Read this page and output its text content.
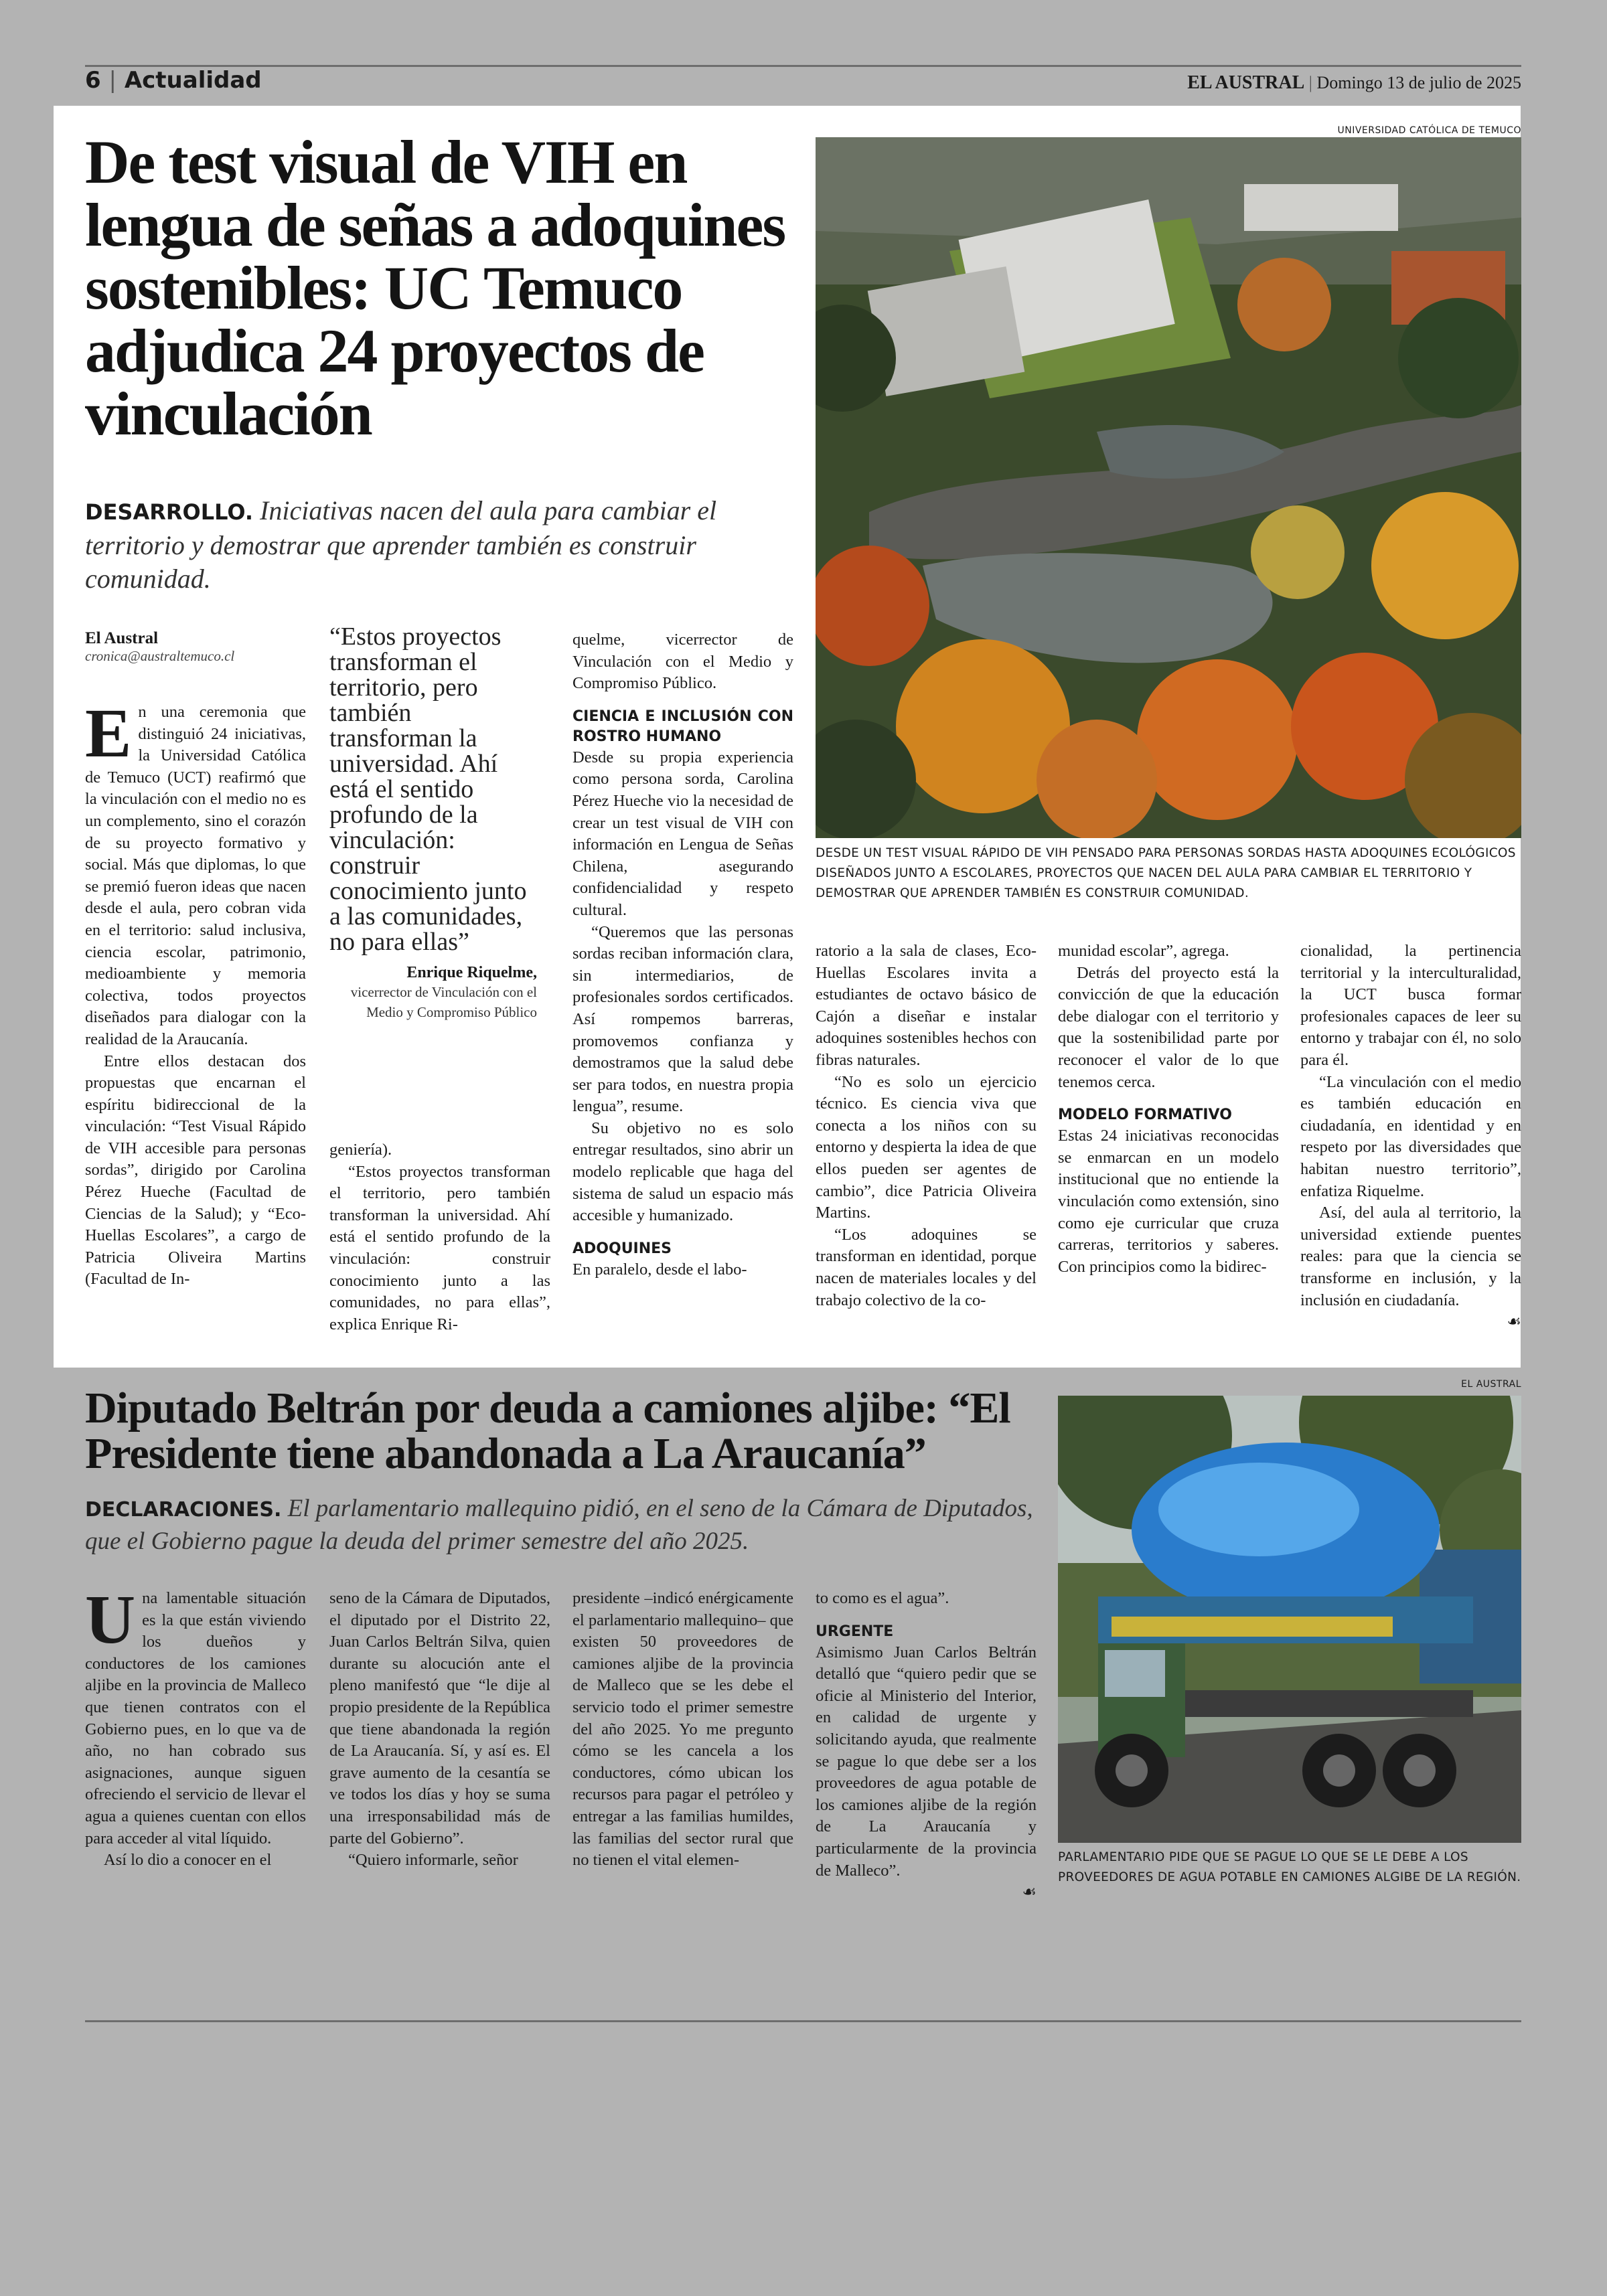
6 | Actualidad	EL AUSTRAL | Domingo 13 de julio de 2025
De test visual de VIH en lengua de señas a adoquines sostenibles: UC Temuco adjudica 24 proyectos de vinculación
DESARROLLO. Iniciativas nacen del aula para cambiar el territorio y demostrar que aprender también es construir comunidad.
UNIVERSIDAD CATÓLICA DE TEMUCO
DESDE UN TEST VISUAL RÁPIDO DE VIH PENSADO PARA PERSONAS SORDAS HASTA ADOQUINES ECOLÓGICOS DISEÑADOS JUNTO A ESCOLARES, PROYECTOS QUE NACEN DEL AULA PARA CAMBIAR EL TERRITORIO Y DEMOSTRAR QUE APRENDER TAMBIÉN ES CONSTRUIR COMUNIDAD.
El Austral
cronica@australtemuco.cl
“Estos proyectos transforman el territorio, pero también transforman la universidad. Ahí está el sentido profundo de la vinculación: construir conocimiento junto a las comunidades, no para ellas”
Enrique Riquelme,
vicerrector de Vinculación con el Medio y Compromiso Público

En una ceremonia que distinguió 24 iniciativas, la Universidad Católica de Temuco (UCT) reafirmó que la vinculación con el medio no es un complemento, sino el corazón de su proyecto formativo y social. Más que diplomas, lo que se premió fueron ideas que nacen desde el aula, pero cobran vida en el territorio: salud inclusiva, ciencia escolar, patrimonio, medioambiente y memoria colectiva, todos proyectos diseñados para dialogar con la realidad de la Araucanía.

Entre ellos destacan dos propuestas que encarnan el espíritu bidireccional de la vinculación: “Test Visual Rápido de VIH accesible para personas sordas”, dirigido por Carolina Pérez Hueche (Facultad de Ciencias de la Salud); y “Eco-Huellas Escolares”, a cargo de Patricia Oliveira Martins (Facultad de In-

geniería).

“Estos proyectos transforman el territorio, pero también transforman la universidad. Ahí está el sentido profundo de la vinculación: construir conocimiento junto a las comunidades, no para ellas”, explica Enrique Ri-

quelme, vicerrector de Vinculación con el Medio y Compromiso Público.

CIENCIA E INCLUSIÓN CON ROSTRO HUMANO

Desde su propia experiencia como persona sorda, Carolina Pérez Hueche vio la necesidad de crear un test visual de VIH con información en Lengua de Señas Chilena, asegurando confidencialidad y respeto cultural.

“Queremos que las personas sordas reciban información clara, sin intermediarios, de profesionales sordos certificados. Así rompemos barreras, promovemos confianza y demostramos que la salud debe ser para todos, en nuestra propia lengua”, resume.

Su objetivo no es solo entregar resultados, sino abrir un modelo replicable que haga del sistema de salud un espacio más accesible y humanizado.

ADOQUINES

En paralelo, desde el labo-

ratorio a la sala de clases, Eco-Huellas Escolares invita a estudiantes de octavo básico de Cajón a diseñar e instalar adoquines sostenibles hechos con fibras naturales.

“No es solo un ejercicio técnico. Es ciencia viva que conecta a los niños con su entorno y despierta la idea de que ellos pueden ser agentes de cambio”, dice Patricia Oliveira Martins.

“Los adoquines se transforman en identidad, porque nacen de materiales locales y del trabajo colectivo de la co-

munidad escolar”, agrega.

Detrás del proyecto está la convicción de que la educación debe dialogar con el territorio y que la sostenibilidad parte por reconocer el valor de lo que tenemos cerca.

MODELO FORMATIVO

Estas 24 iniciativas reconocidas se enmarcan en un modelo institucional que no entiende la vinculación como extensión, sino como eje curricular que cruza carreras, territorios y saberes. Con principios como la bidirec-

cionalidad, la pertinencia territorial y la interculturalidad, la UCT busca formar profesionales capaces de leer su entorno y trabajar con él, no solo para él.

“La vinculación con el medio es también educación en ciudadanía, en identidad y en respeto por las diversidades que habitan nuestro territorio”, enfatiza Riquelme.

Así, del aula al territorio, la universidad extiende puentes reales: para que la ciencia se transforme en inclusión, y la inclusión en ciudadanía.

☙
EL AUSTRAL
Diputado Beltrán por deuda a camiones aljibe: “El Presidente tiene abandonada a La Araucanía”
DECLARACIONES. El parlamentario mallequino pidió, en el seno de la Cámara de Diputados, que el Gobierno pague la deuda del primer semestre del año 2025.
PARLAMENTARIO PIDE QUE SE PAGUE LO QUE SE LE DEBE A LOS PROVEEDORES DE AGUA POTABLE EN CAMIONES ALGIBE DE LA REGIÓN.

Una lamentable situación es la que están viviendo los dueños y conductores de los camiones aljibe en la provincia de Malleco que tienen contratos con el Gobierno pues, en lo que va de año, no han cobrado sus asignaciones, aunque siguen ofreciendo el servicio de llevar el agua a quienes cuentan con ellos para acceder al vital líquido.

Así lo dio a conocer en el

seno de la Cámara de Diputados, el diputado por el Distrito 22, Juan Carlos Beltrán Silva, quien durante su alocución ante el pleno manifestó que “le dije al propio presidente de la República que tiene abandonada la región de La Araucanía. Sí, y así es. El grave aumento de la cesantía se ve todos los días y hoy se suma una irresponsabilidad más de parte del Gobierno”.

“Quiero informarle, señor

presidente –indicó enérgicamente el parlamentario mallequino– que existen 50 proveedores de camiones aljibe de la provincia de Malleco que se les debe el servicio todo el primer semestre del año 2025. Yo me pregunto cómo se les cancela a los conductores, cómo ubican los recursos para pagar el petróleo y entregar a las familias humildes, las familias del sector rural que no tienen el vital elemen-

to como es el agua”.

URGENTE

Asimismo Juan Carlos Beltrán detalló que “quiero pedir que se oficie al Ministerio del Interior, en calidad de urgente y solicitando ayuda, que realmente se pague lo que debe ser a los proveedores de agua potable de los camiones aljibe de la región de La Araucanía y particularmente de la provincia de Malleco”.

☙
